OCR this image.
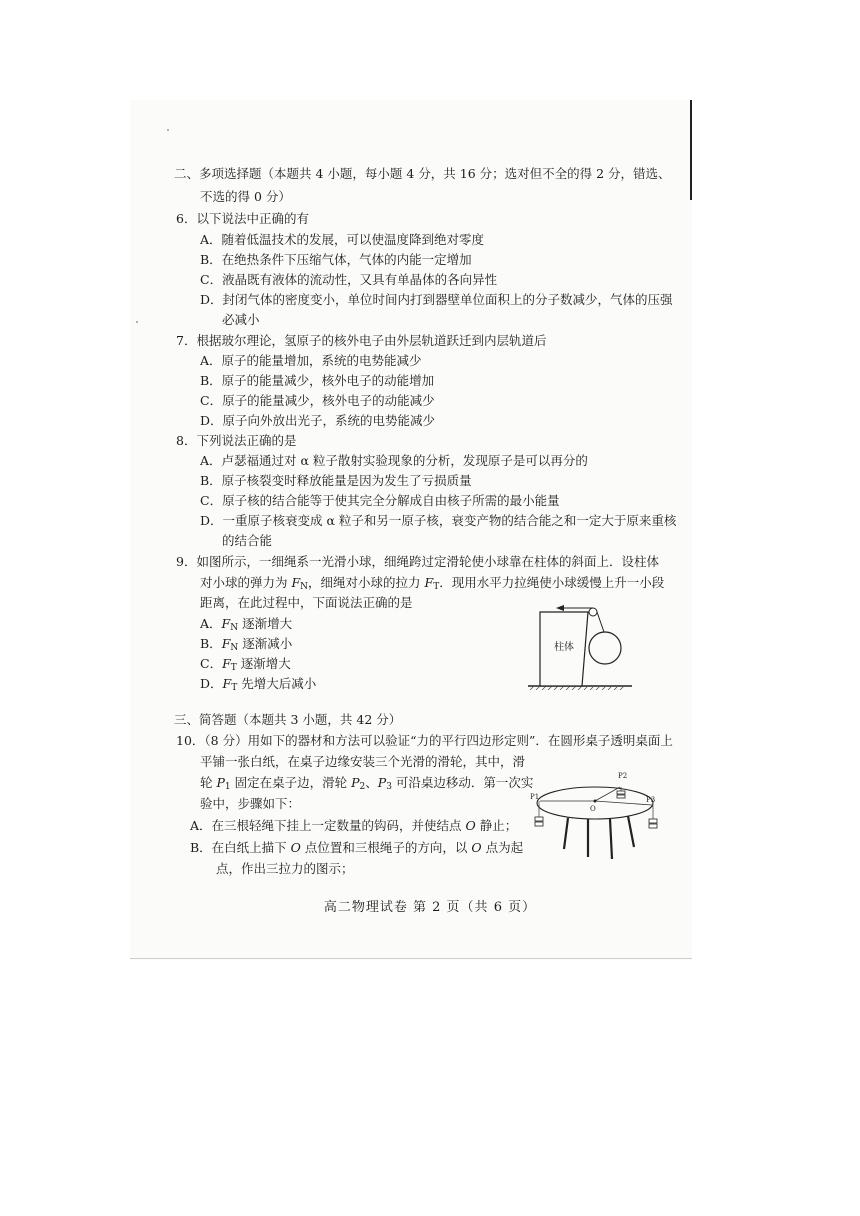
二、多项选择题（本题共 4 小题，每小题 4 分，共 16 分；选对但不全的得 2 分，错选、
不选的得 0 分）
6．以下说法中正确的有
A．随着低温技术的发展，可以使温度降到绝对零度
B．在绝热条件下压缩气体，气体的内能一定增加
C．液晶既有液体的流动性，又具有单晶体的各向异性
D．封闭气体的密度变小，单位时间内打到器壁单位面积上的分子数减少，气体的压强
必减小
7．根据玻尔理论，氢原子的核外电子由外层轨道跃迁到内层轨道后
A．原子的能量增加，系统的电势能减少
B．原子的能量减少，核外电子的动能增加
C．原子的能量减少，核外电子的动能减少
D．原子向外放出光子，系统的电势能减少
8．下列说法正确的是
A．卢瑟福通过对 α 粒子散射实验现象的分析，发现原子是可以再分的
B．原子核裂变时释放能量是因为发生了亏损质量
C．原子核的结合能等于使其完全分解成自由核子所需的最小能量
D．一重原子核衰变成 α 粒子和另一原子核，衰变产物的结合能之和一定大于原来重核
的结合能
9．如图所示，一细绳系一光滑小球，细绳跨过定滑轮使小球靠在柱体的斜面上．设柱体
对小球的弹力为 $F_N$，细绳对小球的拉力 $F_T$．现用水平力拉绳使小球缓慢上升一小段
距离，在此过程中，下面说法正确的是
A．$F_N$ 逐渐增大
B．$F_N$ 逐渐减小
C．$F_T$ 逐渐增大
D．$F_T$ 先增大后减小
柱体
三、简答题（本题共 3 小题，共 42 分）
10．（8 分）用如下的器材和方法可以验证“力的平行四边形定则”．在圆形桌子透明桌面上
平铺一张白纸，在桌子边缘安装三个光滑的滑轮，其中，滑
轮 $P_1$ 固定在桌子边，滑轮 $P_2$、$P_3$ 可沿桌边移动．第一次实
验中，步骤如下：
A．在三根轻绳下挂上一定数量的钩码，并使结点 O 静止；
B．在白纸上描下 O 点位置和三根绳子的方向，以 O 点为起
点，作出三拉力的图示；
P1
P2
P3
O
高二物理试卷 第 2 页（共 6 页）
